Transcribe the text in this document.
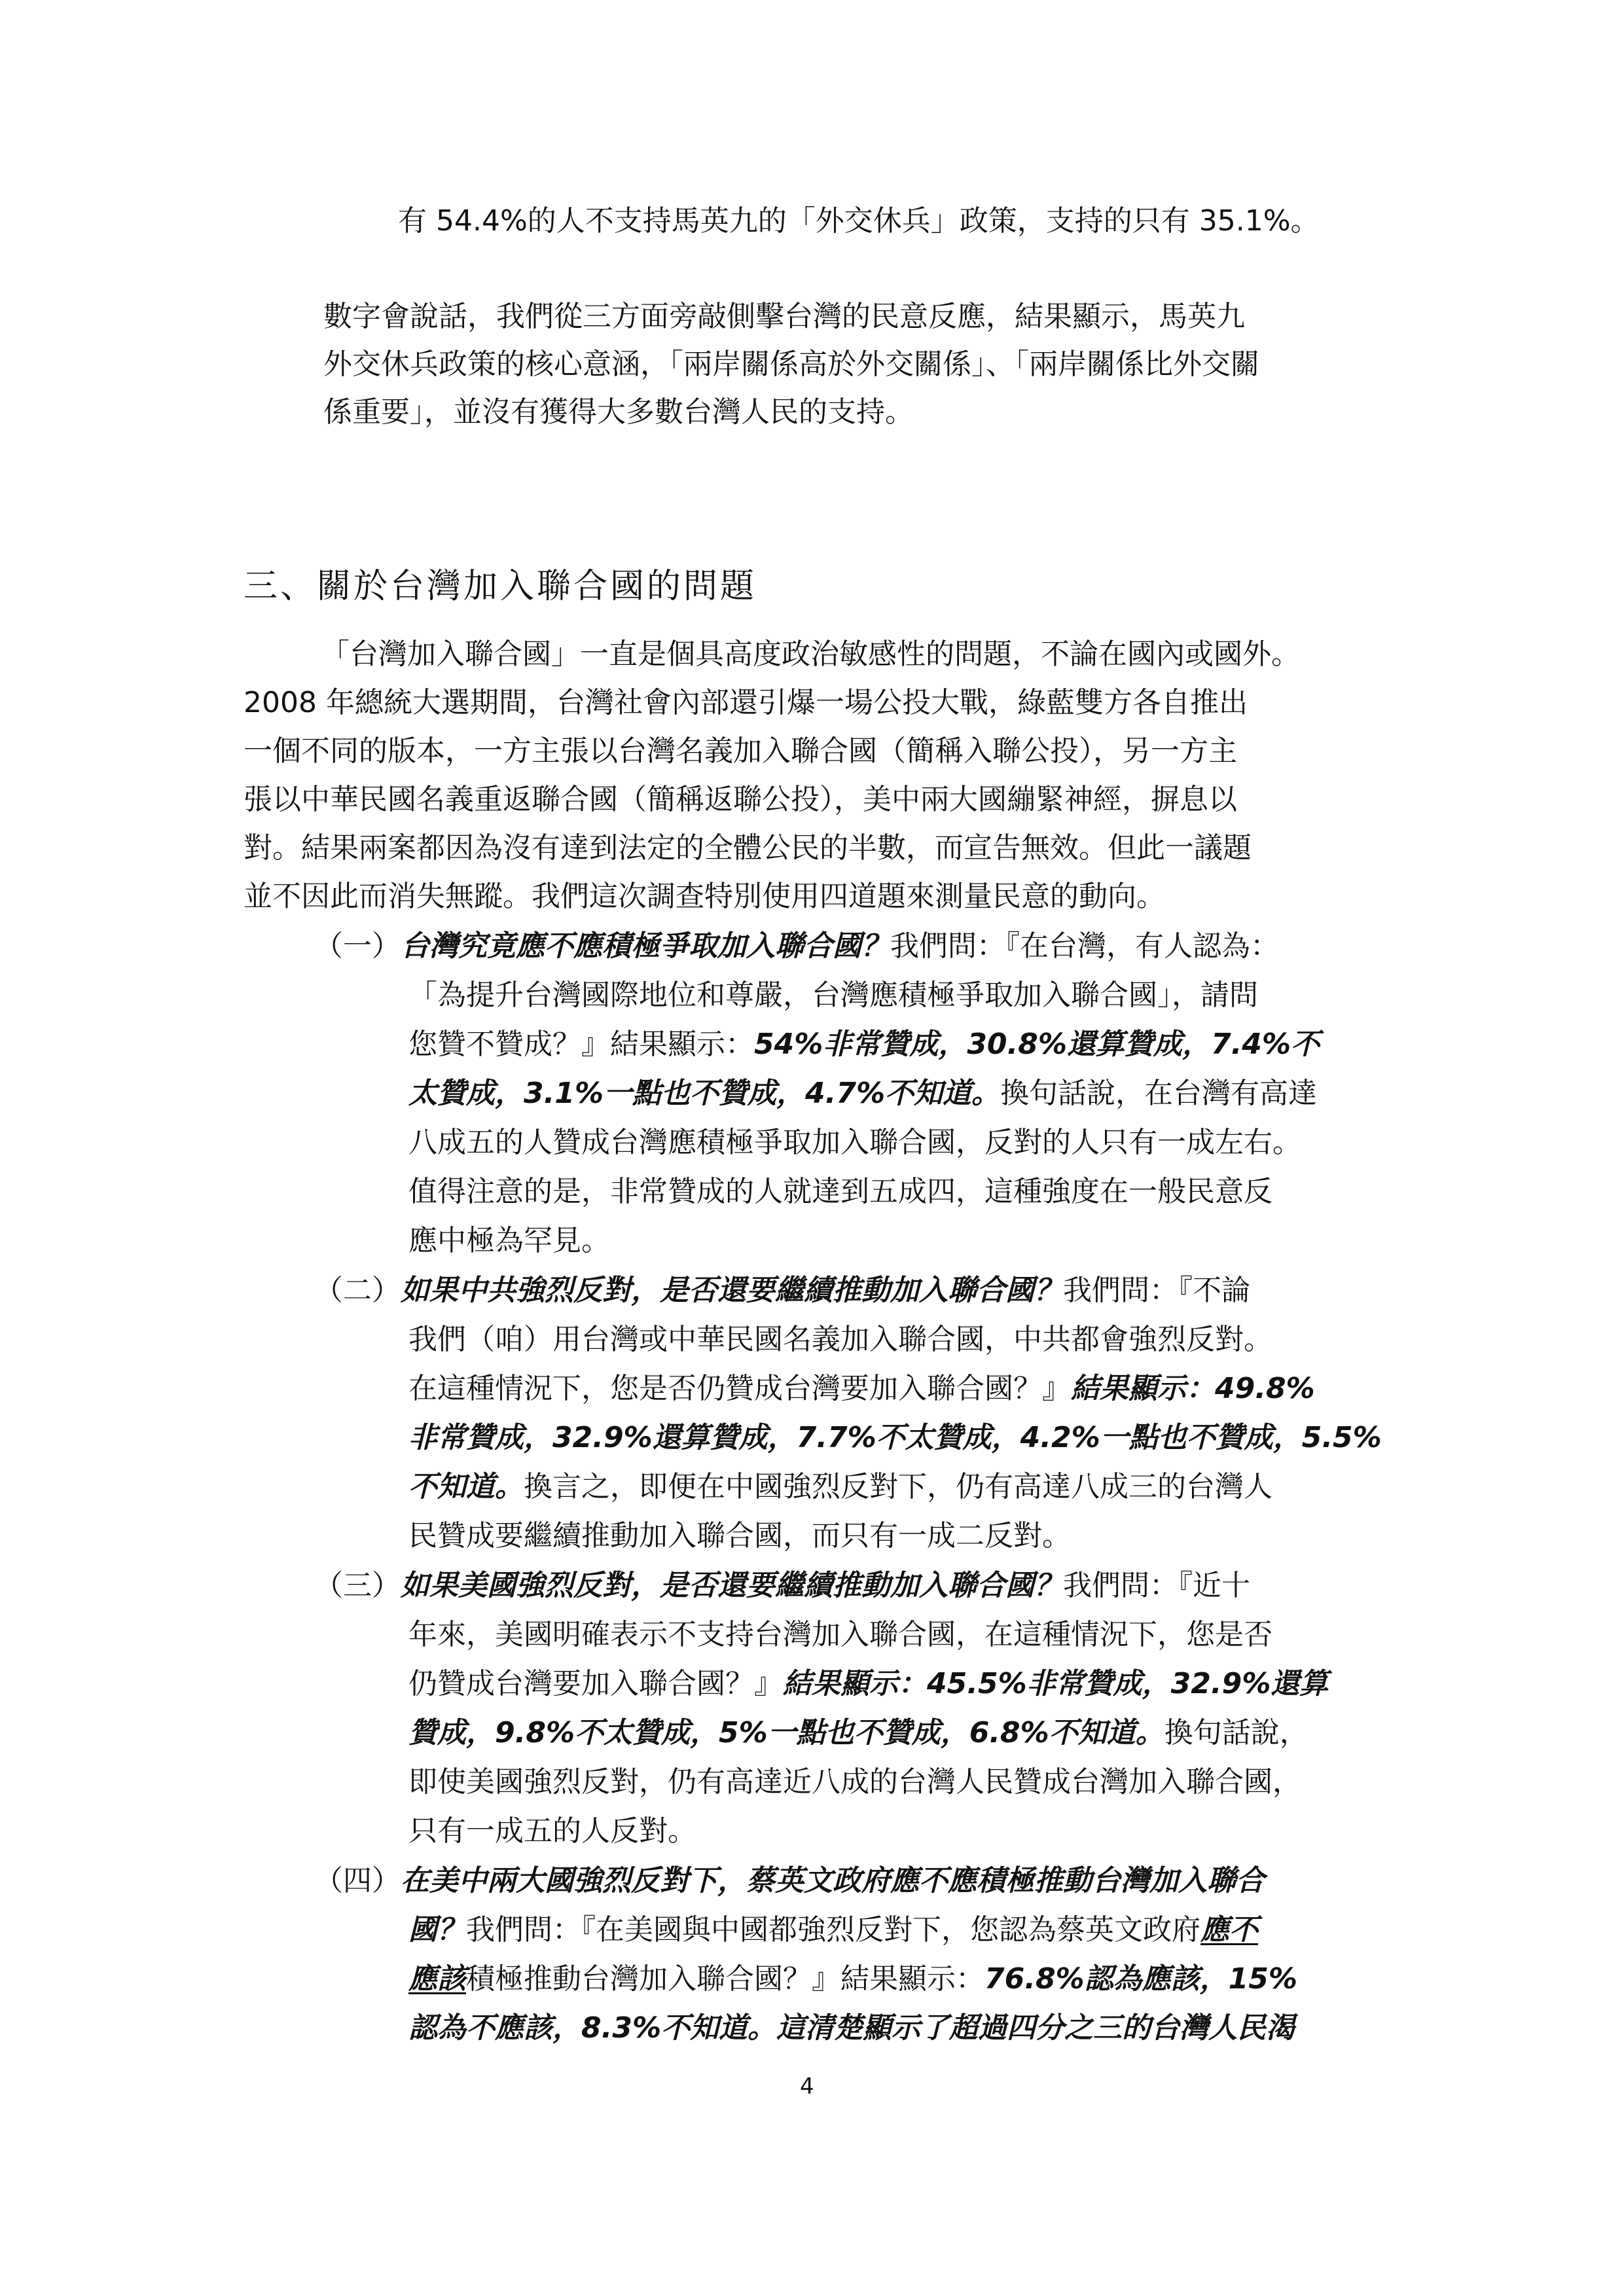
有 54.4%的人不支持馬英九的「外交休兵」政策，支持的只有 35.1%。
數字會說話，我們從三方面旁敲側擊台灣的民意反應，結果顯示，馬英九
外交休兵政策的核心意涵，「兩岸關係高於外交關係」、「兩岸關係比外交關
係重要」，並沒有獲得大多數台灣人民的支持。
三、關於台灣加入聯合國的問題
「台灣加入聯合國」一直是個具高度政治敏感性的問題，不論在國內或國外。
2008 年總統大選期間，台灣社會內部還引爆一場公投大戰，綠藍雙方各自推出
一個不同的版本，一方主張以台灣名義加入聯合國（簡稱入聯公投），另一方主
張以中華民國名義重返聯合國（簡稱返聯公投），美中兩大國繃緊神經，摒息以
對。結果兩案都因為沒有達到法定的全體公民的半數，而宣告無效。但此一議題
並不因此而消失無蹤。我們這次調查特別使用四道題來測量民意的動向。
（一）台灣究竟應不應積極爭取加入聯合國？我們問：『在台灣，有人認為：
「為提升台灣國際地位和尊嚴，台灣應積極爭取加入聯合國」，請問
您贊不贊成？』結果顯示：54%非常贊成，30.8%還算贊成，7.4%不
太贊成，3.1%一點也不贊成，4.7%不知道。換句話說，在台灣有高達
八成五的人贊成台灣應積極爭取加入聯合國，反對的人只有一成左右。
值得注意的是，非常贊成的人就達到五成四，這種強度在一般民意反
應中極為罕見。
（二）如果中共強烈反對，是否還要繼續推動加入聯合國？我們問：『不論
我們（咱）用台灣或中華民國名義加入聯合國，中共都會強烈反對。
在這種情況下，您是否仍贊成台灣要加入聯合國？』結果顯示：49.8%
非常贊成，32.9%還算贊成，7.7%不太贊成，4.2%一點也不贊成，5.5%
不知道。換言之，即便在中國強烈反對下，仍有高達八成三的台灣人
民贊成要繼續推動加入聯合國，而只有一成二反對。
（三）如果美國強烈反對，是否還要繼續推動加入聯合國？我們問：『近十
年來，美國明確表示不支持台灣加入聯合國，在這種情況下，您是否
仍贊成台灣要加入聯合國？』結果顯示：45.5%非常贊成，32.9%還算
贊成，9.8%不太贊成，5%一點也不贊成，6.8%不知道。換句話說，
即使美國強烈反對，仍有高達近八成的台灣人民贊成台灣加入聯合國，
只有一成五的人反對。
（四）在美中兩大國強烈反對下，蔡英文政府應不應積極推動台灣加入聯合
國？我們問：『在美國與中國都強烈反對下，您認為蔡英文政府應不
應該積極推動台灣加入聯合國？』結果顯示：76.8%認為應該，15%
認為不應該，8.3%不知道。這清楚顯示了超過四分之三的台灣人民渴
4
